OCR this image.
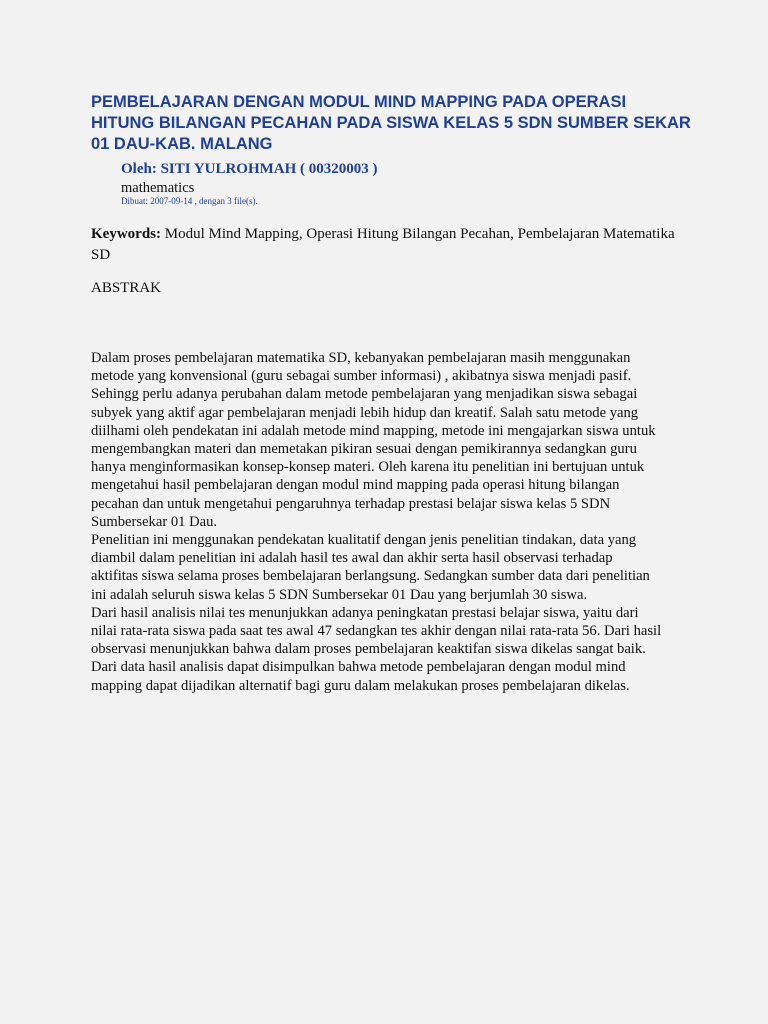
PEMBELAJARAN DENGAN MODUL MIND MAPPING PADA OPERASI HITUNG BILANGAN PECAHAN PADA SISWA KELAS 5 SDN SUMBER SEKAR 01 DAU-KAB. MALANG
Oleh: SITI YULROHMAH ( 00320003 )
mathematics
Dibuat: 2007-09-14 , dengan 3 file(s).
Keywords: Modul Mind Mapping, Operasi Hitung Bilangan Pecahan, Pembelajaran Matematika SD
ABSTRAK

Dalam proses pembelajaran matematika SD, kebanyakan pembelajaran masih menggunakan metode yang konvensional (guru sebagai sumber informasi) , akibatnya siswa menjadi pasif. Sehingg perlu adanya perubahan dalam metode pembelajaran yang menjadikan siswa sebagai subyek yang aktif agar pembelajaran menjadi lebih hidup dan kreatif. Salah satu metode yang diilhami oleh pendekatan ini adalah metode mind mapping, metode ini mengajarkan siswa untuk mengembangkan materi dan memetakan pikiran sesuai dengan pemikirannya sedangkan guru hanya menginformasikan konsep-konsep materi. Oleh karena itu penelitian ini bertujuan untuk mengetahui hasil pembelajaran dengan modul mind mapping pada operasi hitung bilangan pecahan dan untuk mengetahui pengaruhnya terhadap prestasi belajar siswa kelas 5 SDN Sumbersekar 01 Dau.

Penelitian ini menggunakan pendekatan kualitatif dengan jenis penelitian tindakan, data yang diambil dalam penelitian ini adalah hasil tes awal dan akhir serta hasil observasi terhadap aktifitas siswa selama proses bembelajaran berlangsung. Sedangkan sumber data dari penelitian ini adalah seluruh siswa kelas 5 SDN Sumbersekar 01 Dau yang berjumlah 30 siswa.

Dari hasil analisis nilai tes menunjukkan adanya peningkatan prestasi belajar siswa, yaitu dari nilai rata-rata siswa pada saat tes awal 47 sedangkan tes akhir dengan nilai rata-rata 56. Dari hasil observasi menunjukkan bahwa dalam proses pembelajaran keaktifan siswa dikelas sangat baik.

Dari data hasil analisis dapat disimpulkan bahwa metode pembelajaran dengan modul mind mapping dapat dijadikan alternatif bagi guru dalam melakukan proses pembelajaran dikelas.
